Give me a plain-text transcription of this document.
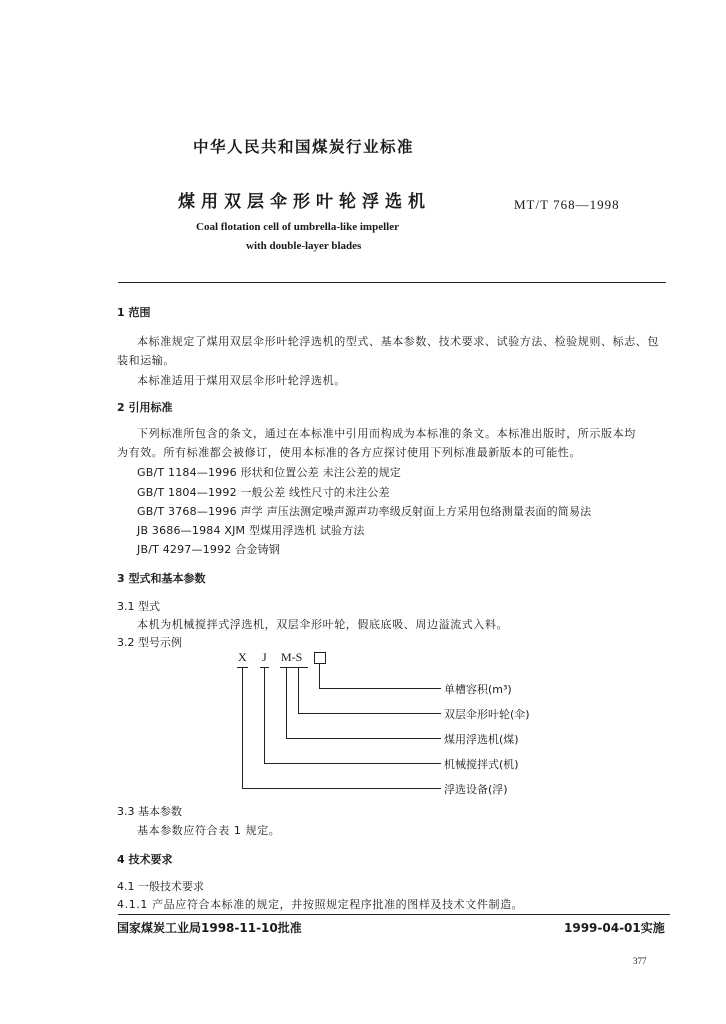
中华人民共和国煤炭行业标准
煤用双层伞形叶轮浮选机	MT/T 768—1998
Coal flotation cell of umbrella-like impeller
with double-layer blades
1 范围
本标准规定了煤用双层伞形叶轮浮选机的型式、基本参数、技术要求、试验方法、检验规则、标志、包
装和运输。
本标准适用于煤用双层伞形叶轮浮选机。
2 引用标准
下列标准所包含的条文，通过在本标准中引用而构成为本标准的条文。本标准出版时，所示版本均
为有效。所有标准都会被修订，使用本标准的各方应探讨使用下列标准最新版本的可能性。
GB/T 1184—1996 形状和位置公差 未注公差的规定
GB/T 1804—1992 一般公差 线性尺寸的未注公差
GB/T 3768—1996 声学 声压法测定噪声源声功率级反射面上方采用包络测量表面的简易法
JB 3686—1984 XJM 型煤用浮选机 试验方法
JB/T 4297—1992 合金铸钢
3 型式和基本参数
3.1 型式
本机为机械搅拌式浮选机，双层伞形叶轮，假底底吸、周边溢流式入料。
3.2 型号示例
X J M-S
单槽容积(m³)
双层伞形叶轮(伞)
煤用浮选机(煤)
机械搅拌式(机)
浮选设备(浮)
3.3 基本参数
基本参数应符合表 1 规定。
4 技术要求
4.1 一般技术要求
4.1.1 产品应符合本标准的规定，并按照规定程序批准的图样及技术文件制造。
国家煤炭工业局1998-11-10批准	1999-04-01实施
377
